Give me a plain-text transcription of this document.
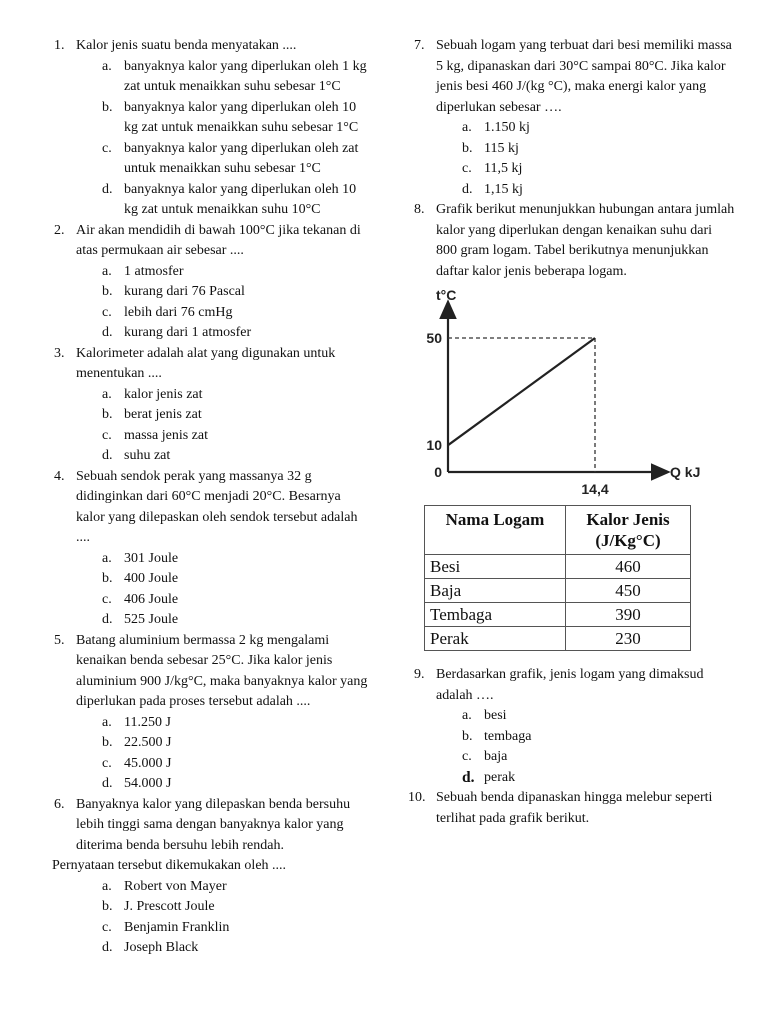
1. Kalor jenis suatu benda menyatakan ....
a. banyaknya kalor yang diperlukan oleh 1 kg zat untuk menaikkan suhu sebesar 1°C
b. banyaknya kalor yang diperlukan oleh 10 kg zat untuk menaikkan suhu sebesar 1°C
c. banyaknya kalor yang diperlukan oleh zat untuk menaikkan suhu sebesar 1°C
d. banyaknya kalor yang diperlukan oleh 10 kg zat untuk menaikkan suhu 10°C
2. Air akan mendidih di bawah 100°C jika tekanan di atas permukaan air sebesar ....
a. 1 atmosfer
b. kurang dari 76 Pascal
c. lebih dari 76 cmHg
d. kurang dari 1 atmosfer
3. Kalorimeter adalah alat yang digunakan untuk menentukan ....
a. kalor jenis zat
b. berat jenis zat
c. massa jenis zat
d. suhu zat
4. Sebuah sendok perak yang massanya 32 g didinginkan dari 60°C menjadi 20°C. Besarnya kalor yang dilepaskan oleh sendok tersebut adalah ....
a. 301 Joule
b. 400 Joule
c. 406 Joule
d. 525 Joule
5. Batang aluminium bermassa 2 kg mengalami kenaikan benda sebesar 25°C. Jika kalor jenis aluminium 900 J/kg°C, maka banyaknya kalor yang diperlukan pada proses tersebut adalah ....
a. 11.250 J
b. 22.500 J
c. 45.000 J
d. 54.000 J
6. Banyaknya kalor yang dilepaskan benda bersuhu lebih tinggi sama dengan banyaknya kalor yang diterima benda bersuhu lebih rendah.
Pernyataan tersebut dikemukakan oleh ....
a. Robert von Mayer
b. J. Prescott Joule
c. Benjamin Franklin
d. Joseph Black
7. Sebuah logam yang terbuat dari besi memiliki massa 5 kg, dipanaskan dari 30°C sampai 80°C. Jika kalor jenis besi 460 J/(kg °C), maka energi kalor yang diperlukan sebesar ….
a. 1.150 kj
b. 115 kj
c. 11,5 kj
d. 1,15 kj
8. Grafik berikut menunjukkan hubungan antara jumlah kalor yang diperlukan dengan kenaikan suhu dari 800 gram logam. Tabel berikutnya menunjukkan daftar kalor jenis beberapa logam.
t°C
Q kJ
0
10
50
14,4
Nama Logam	Kalor Jenis (J/Kg°C)
Besi	460
Baja	450
Tembaga	390
Perak	230
9. Berdasarkan grafik, jenis logam yang dimaksud adalah ….
a. besi
b. tembaga
c. baja
d. perak
10. Sebuah benda dipanaskan hingga melebur seperti terlihat pada grafik berikut.
